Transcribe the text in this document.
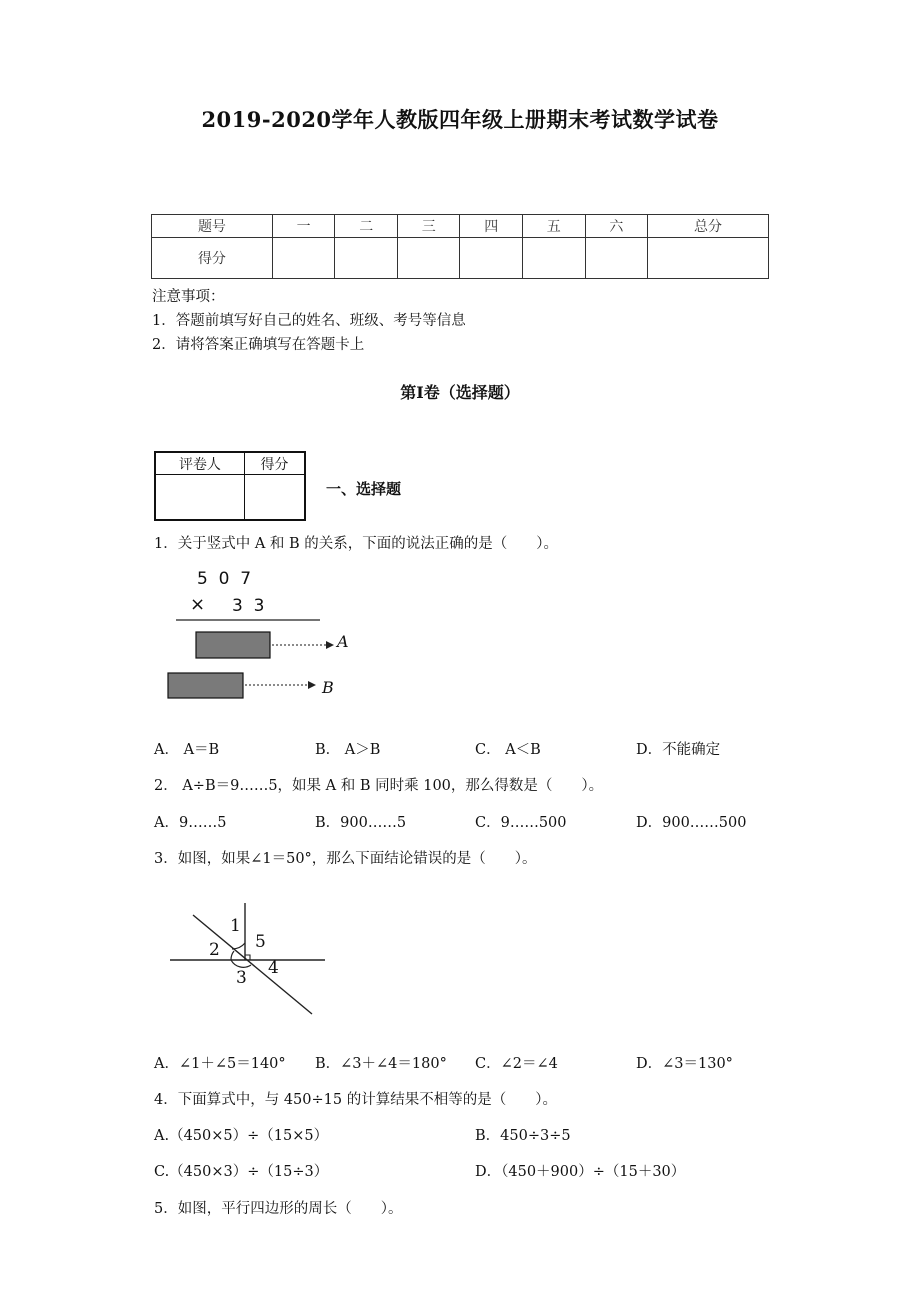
2019-2020学年人教版四年级上册期末考试数学试卷
题号	一	二	三	四	五	六	总分
得分							
注意事项：
1．答题前填写好自己的姓名、班级、考号等信息
2．请将答案正确填写在答题卡上
第I卷（选择题）
评卷人	得分

一、选择题
1．关于竖式中 A 和 B 的关系，下面的说法正确的是（　　）。
5  0  7
× 3  3
A
B
A． A＝B	B． A＞B	C． A＜B	D．不能确定
2． A÷B＝9……5，如果 A 和 B 同时乘 100，那么得数是（　　）。
A．9……5	B．900……5	C．9……500	D．900……500
3．如图，如果∠1＝50°，那么下面结论错误的是（　　）。
1
2
3 4
5
A．∠1＋∠5＝140° B．∠3＋∠4＝180° C．∠2＝∠4	D．∠3＝130°
4．下面算式中，与 450÷15 的计算结果不相等的是（　　）。
A.（450×5）÷（15×5）	B．450÷3÷5
C.（450×3）÷（15÷3）	D．（450＋900）÷（15＋30）
5．如图，平行四边形的周长（　　）。
